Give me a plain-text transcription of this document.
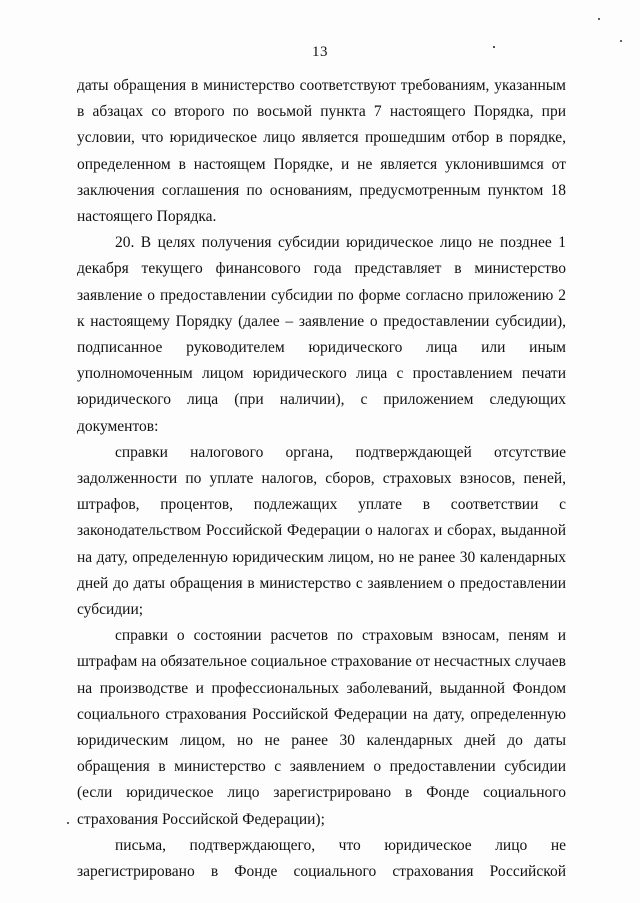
13

даты обращения в министерство соответствуют требованиям, указанным в абзацах со второго по восьмой пункта 7 настоящего Порядка, при условии, что юридическое лицо является прошедшим отбор в порядке, определенном в настоящем Порядке, и не является уклонившимся от заключения соглашения по основаниям, предусмотренным пунктом 18 настоящего Порядка.

20. В целях получения субсидии юридическое лицо не позднее 1 декабря текущего финансового года представляет в министерство заявление о предоставлении субсидии по форме согласно приложению 2 к настоящему Порядку (далее – заявление о предоставлении субсидии), подписанное руководителем юридического лица или иным уполномоченным лицом юридического лица с проставлением печати юридического лица (при наличии), с приложением следующих документов:

справки налогового органа, подтверждающей отсутствие задолженности по уплате налогов, сборов, страховых взносов, пеней, штрафов, процентов, подлежащих уплате в соответствии с законодательством Российской Федерации о налогах и сборах, выданной на дату, определенную юридическим лицом, но не ранее 30 календарных дней до даты обращения в министерство с заявлением о предоставлении субсидии;

справки о состоянии расчетов по страховым взносам, пеням и штрафам на обязательное социальное страхование от несчастных случаев на производстве и профессиональных заболеваний, выданной Фондом социального страхования Российской Федерации на дату, определенную юридическим лицом, но не ранее 30 календарных дней до даты обращения в министерство с заявлением о предоставлении субсидии (если юридическое лицо зарегистрировано в Фонде социального страхования Российской Федерации);

письма, подтверждающего, что юридическое лицо не зарегистрировано в Фонде социального страхования Российской
